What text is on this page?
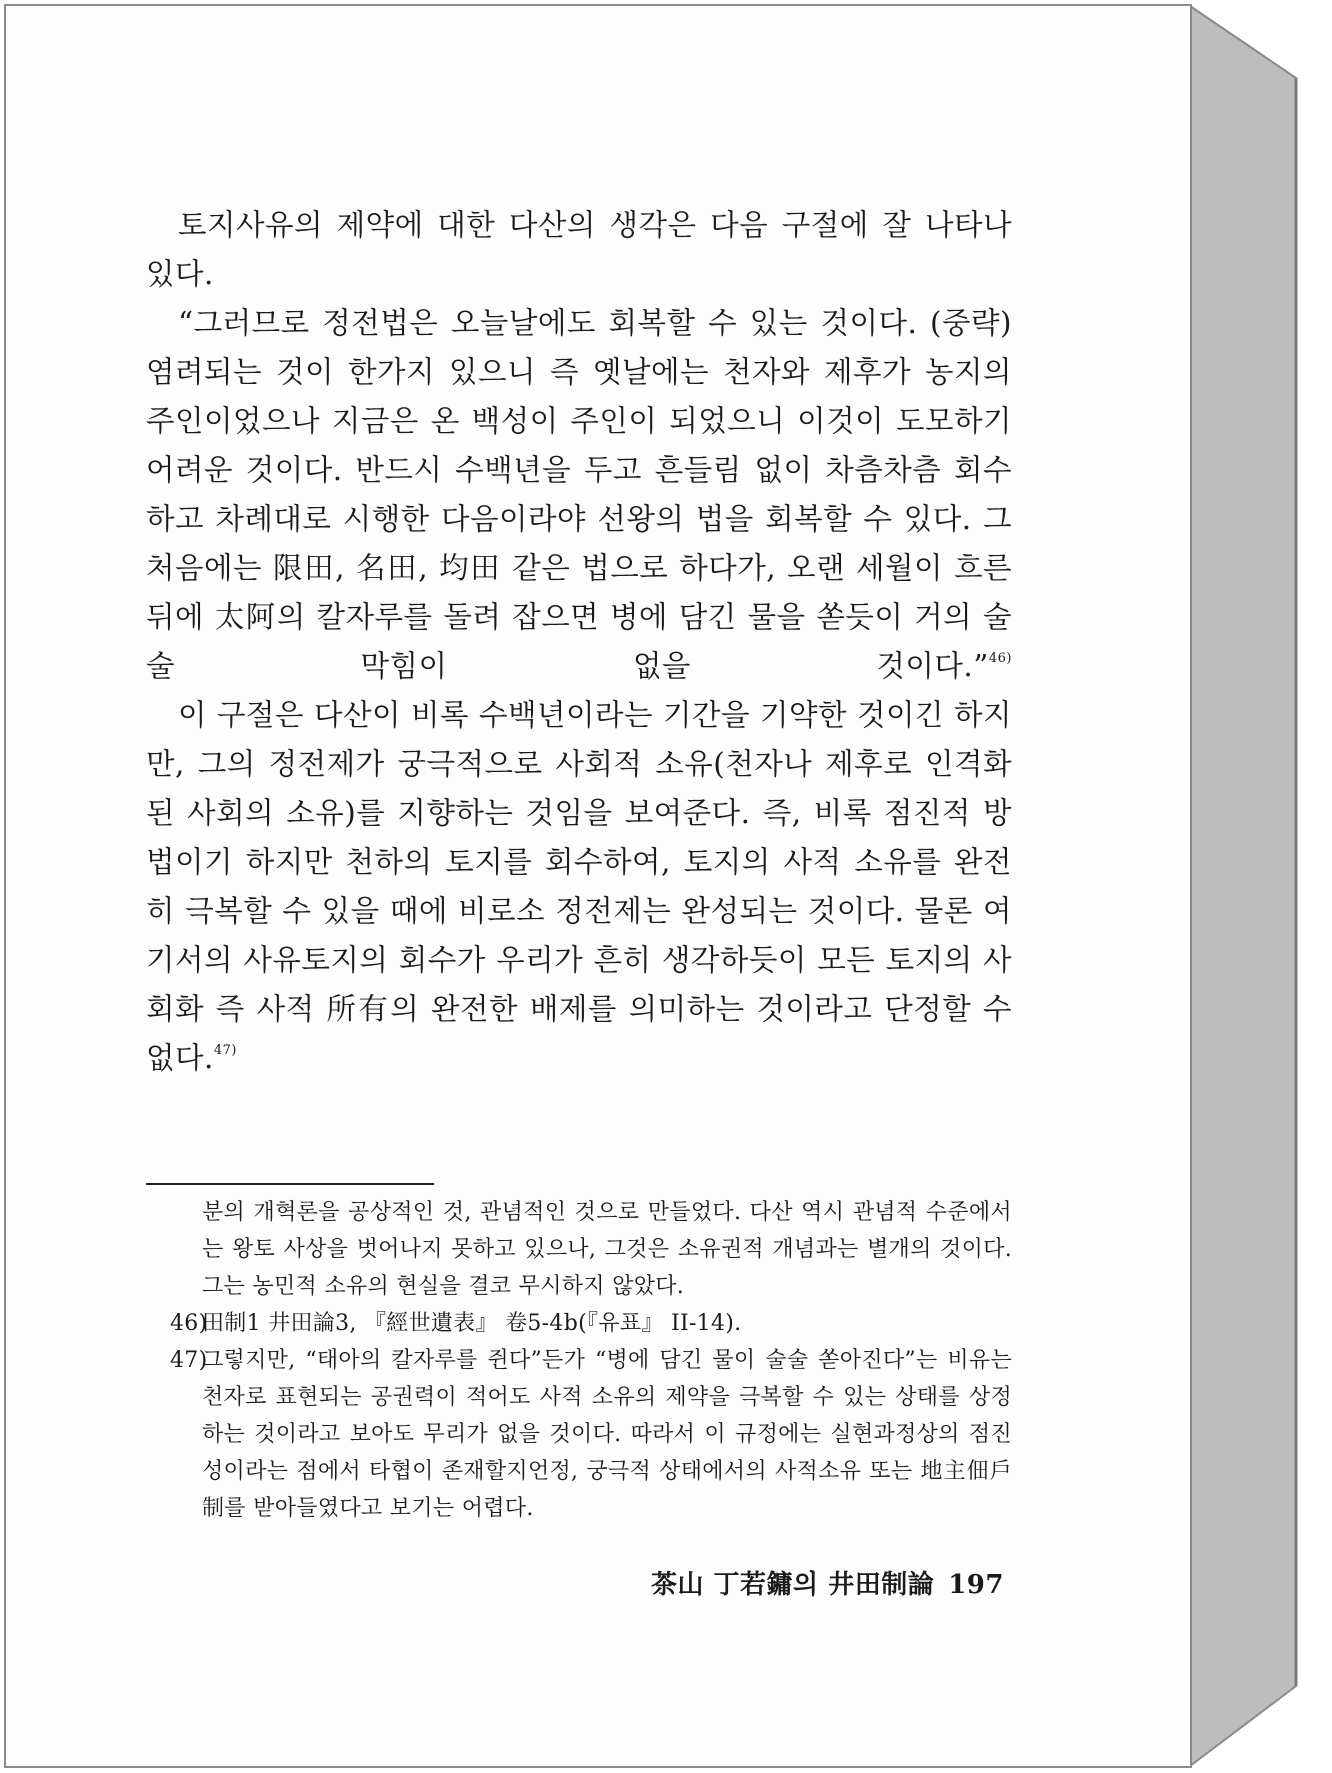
토지사유의 제약에 대한 다산의 생각은 다음 구절에 잘 나타나 있다.

“그러므로 정전법은 오늘날에도 회복할 수 있는 것이다. (중략) 염려되는 것이 한가지 있으니 즉 옛날에는 천자와 제후가 농지의 주인이었으나 지금은 온 백성이 주인이 되었으니 이것이 도모하기 어려운 것이다. 반드시 수백년을 두고 흔들림 없이 차츰차츰 회수하고 차례대로 시행한 다음이라야 선왕의 법을 회복할 수 있다. 그 처음에는 限田, 名田, 均田 같은 법으로 하다가, 오랜 세월이 흐른 뒤에 太阿의 칼자루를 돌려 잡으면 병에 담긴 물을 쏟듯이 거의 술술 막힘이 없을 것이다.”$^{46)}$

이 구절은 다산이 비록 수백년이라는 기간을 기약한 것이긴 하지만, 그의 정전제가 궁극적으로 사회적 소유(천자나 제후로 인격화된 사회의 소유)를 지향하는 것임을 보여준다. 즉, 비록 점진적 방법이기 하지만 천하의 토지를 회수하여, 토지의 사적 소유를 완전히 극복할 수 있을 때에 비로소 정전제는 완성되는 것이다. 물론 여기서의 사유토지의 회수가 우리가 흔히 생각하듯이 모든 토지의 사회화 즉 사적 所有의 완전한 배제를 의미하는 것이라고 단정할 수 없다.$^{47)}$

분의 개혁론을 공상적인 것, 관념적인 것으로 만들었다. 다산 역시 관념적 수준에서는 왕토 사상을 벗어나지 못하고 있으나, 그것은 소유권적 개념과는 별개의 것이다. 그는 농민적 소유의 현실을 결코 무시하지 않았다.
46)
田制1 井田論3, 『經世遺表』 卷5-4b(『유표』 II-14).
47)
그렇지만, “태아의 칼자루를 쥔다”든가 “병에 담긴 물이 술술 쏟아진다”는 비유는 천자로 표현되는 공권력이 적어도 사적 소유의 제약을 극복할 수 있는 상태를 상정하는 것이라고 보아도 무리가 없을 것이다. 따라서 이 규정에는 실현과정상의 점진성이라는 점에서 타협이 존재할지언정, 궁극적 상태에서의 사적소유 또는 地主佃戶制를 받아들였다고 보기는 어렵다.
茶山 丁若鏞의 井田制論 197
